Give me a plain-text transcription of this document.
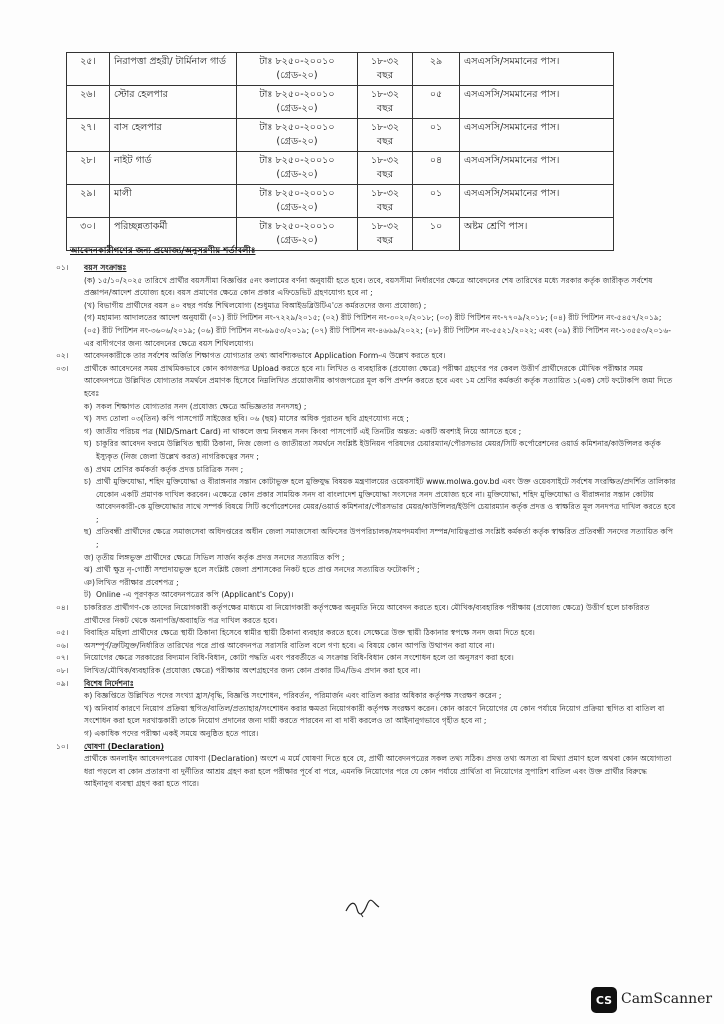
২৫।	নিরাপত্তা প্রহরী/ টার্মিনাল গার্ড	টাঃ ৮২৫০-২০০১০ (গ্রেড-২০)	১৮-৩২ বছর	২৯	এসএসসি/সমমানের পাস।
২৬।	স্টোর হেলপার	টাঃ ৮২৫০-২০০১০ (গ্রেড-২০)	১৮-৩২ বছর	০৫	এসএসসি/সমমানের পাস।
২৭।	বাস হেলপার	টাঃ ৮২৫০-২০০১০ (গ্রেড-২০)	১৮-৩২ বছর	০১	এসএসসি/সমমানের পাস।
২৮।	নাইট গার্ড	টাঃ ৮২৫০-২০০১০ (গ্রেড-২০)	১৮-৩২ বছর	০৪	এসএসসি/সমমানের পাস।
২৯।	মালী	টাঃ ৮২৫০-২০০১০ (গ্রেড-২০)	১৮-৩২ বছর	০১	এসএসসি/সমমানের পাস।
৩০।	পরিচ্ছন্নতাকর্মী	টাঃ ৮২৫০-২০০১০ (গ্রেড-২০)	১৮-৩২ বছর	১০	অষ্টম শ্রেণি পাস।
আবেদনকারীগণের জন্য প্রযোজ্য/অনুসরণীয় শর্তাবলীঃ
০১।	বয়স সংক্রান্তঃ
(ক) ১৫/১০/২০২৫ তারিখে প্রার্থীর বয়সসীমা বিজ্ঞপ্তির ৫নং কলামের বর্ণনা অনুযায়ী হতে হবে। তবে, বয়সসীমা নির্ধারণের ক্ষেত্রে আবেদনের শেষ তারিখের মধ্যে সরকার কর্তৃক জারীকৃত সর্বশেষ প্রজ্ঞাপন/আদেশ প্রযোজ্য হবে। বয়স প্রমাণের ক্ষেত্রে কোন প্রকার এফিডেভিট গ্রহণযোগ্য হবে না ;
(খ) বিভাগীয় প্রার্থীদের বয়স ৪০ বছর পর্যন্ত শিথিলযোগ্য (শুধুমাত্র বিআইডব্লিউটিএ'তে কর্মরতদের জন্য প্রযোজ্য) ;
(গ) মহামান্য আদালতের আদেশ অনুযায়ী (০১) রীট পিটিশন নং-৭২২৯/২০১৫; (০২) রীট পিটিশন নং-৩০২০/২০১৮; (০৩) রীট পিটিশন নং-৭৭০৯/২০১৮; (০৪) রীট পিটিশন নং-৫৪৫৭/২০১৯; (০৫) রীট পিটিশন নং-৩৬০৬/২০১৯; (০৬) রীট পিটিশন নং-৬৯৫৩/২০১৯; (০৭) রীট পিটিশন নং-৪৬৬৯/২০২২; (০৮) রীট পিটিশন নং-৫৫২১/২০২২; এবং (০৯) রীট পিটিশন নং-১৩৫৫৩/২০১৬-এর বাদীগণের জন্য আবেদনের ক্ষেত্রে বয়স শিথিলযোগ্য।
০২।	আবেদনকারীকে তার সর্বশেষ অর্জিত শিক্ষাগত যোগ্যতার তথ্য আবশ্যিকভাবে Application Form-এ উল্লেখ করতে হবে।
০৩।	প্রার্থীকে আবেদনের সময় প্রাথমিকভাবে কোন কাগজপত্র Upload করতে হবে না। লিখিত ও ব্যবহারিক (প্রযোজ্য ক্ষেত্রে) পরীক্ষা গ্রহণের পর কেবল উত্তীর্ণ প্রার্থীদেরকে মৌখিক পরীক্ষার সময় আবেদনপত্রে উল্লিখিত যোগ্যতার সমর্থনে প্রমাণক হিসেবে নিম্নলিখিত প্রয়োজনীয় কাগজপত্রের মূল কপি প্রদর্শন করতে হবে এবং ১ম শ্রেণির কর্মকর্তা কর্তৃক সত্যায়িত ১(এক) সেট ফটোকপি জমা দিতে হবেঃ
ক) সকল শিক্ষাগত যোগ্যতার সনদ (প্রযোজ্য ক্ষেত্রে অভিজ্ঞতার সনদসহ) ;
খ) সদ্য তোলা ০৩(তিন) কপি পাসপোর্ট সাইজের ছবি। ০৬ (ছয়) মাসের অধিক পুরাতন ছবি গ্রহণযোগ্য নহে ;
গ) জাতীয় পরিচয় পত্র (NID/Smart Card) না থাকলে জন্ম নিবন্ধন সনদ কিংবা পাসপোর্ট এই তিনটির অন্তত: একটি অবশ্যই নিয়ে আসতে হবে ;
ঘ) চাকুরির আবেদন ফরমে উল্লিখিত স্থায়ী ঠিকানা, নিজ জেলা ও জাতীয়তা সমর্থনে সংশ্লিষ্ট ইউনিয়ন পরিষদের চেয়ারম্যান/পৌরসভার মেয়র/সিটি কর্পোরেশনের ওয়ার্ড কমিশনার/কাউন্সিলর কর্তৃক ইস্যুকৃত (নিজ জেলা উল্লেখ করত) নাগরিকত্বের সনদ ;
ঙ) প্রথম শ্রেণির কর্মকর্তা কর্তৃক প্রদত্ত চারিত্রিক সনদ ;
চ) প্রার্থী মুক্তিযোদ্ধা, শহিদ মুক্তিযোদ্ধা ও বীরাঙ্গনার সন্তান কোটাভুক্ত হলে মুক্তিযুদ্ধ বিষয়ক মন্ত্রণালয়ের ওয়েবসাইট www.molwa.gov.bd এবং উক্ত ওয়েবসাইটে সর্বশেষ সংরক্ষিত/প্রদর্শিত তালিকার যেকোন একটি প্রমাণক দাখিল করবেন। এক্ষেত্রে কোন প্রকার সাময়িক সনদ বা বাংলাদেশ মুক্তিযোদ্ধা সংসদের সনদ প্রযোজ্য হবে না। মুক্তিযোদ্ধা, শহিদ মুক্তিযোদ্ধা ও বীরাঙ্গনার সন্তান কোটায় আবেদনকারী-কে মুক্তিযোদ্ধার সাথে সম্পর্ক বিষয়ে সিটি কর্পোরেশনের মেয়র/ওয়ার্ড কমিশনার/পৌরসভার মেয়র/কাউন্সিলর/ইউপি চেয়ারম্যান কর্তৃক প্রদত্ত ও স্বাক্ষরিত মূল সনদপত্র দাখিল করতে হবে ;
ছ) প্রতিবন্ধী প্রার্থীদের ক্ষেত্রে সমাজসেবা অধিদপ্তরের অধীন জেলা সমাজসেবা অফিসের উপপরিচালক/সমপদমর্যাদা সম্পন্ন/দায়িত্বপ্রাপ্ত সংশ্লিষ্ট কর্মকর্তা কর্তৃক স্বাক্ষরিত প্রতিবন্ধী সনদের সত্যায়িত কপি ;
জ) তৃতীয় লিঙ্গভুক্ত প্রার্থীদের ক্ষেত্রে সিভিল সার্জন কর্তৃক প্রদত্ত সনদের সত্যায়িত কপি ;
ঝ) প্রার্থী ক্ষুদ্র নৃ-গোষ্ঠী সম্প্রদায়ভুক্ত হলে সংশ্লিষ্ট জেলা প্রশাসকের নিকট হতে প্রাপ্ত সনদের সত্যায়িত ফটোকপি ;
ঞ) লিখিত পরীক্ষার প্রবেশপত্র ;
ট) Online -এ পূরণকৃত আবেদনপত্রের কপি (Applicant's Copy)।
০৪।	চাকরিরত প্রার্থীগণ-কে তাদের নিয়োগকারী কর্তৃপক্ষের মাধ্যমে বা নিয়োগকারী কর্তৃপক্ষের অনুমতি নিয়ে আবেদন করতে হবে। মৌখিক/ব্যবহারিক পরীক্ষায় (প্রযোজ্য ক্ষেত্রে) উত্তীর্ণ হলে চাকরিরত প্রার্থীদের নিকট থেকে অনাপত্তি/অব্যাহতি পত্র দাখিল করতে হবে।
০৫।	বিবাহিত মহিলা প্রার্থীদের ক্ষেত্রে স্থায়ী ঠিকানা হিসেবে স্বামীর স্থায়ী ঠিকানা ব্যবহার করতে হবে। সেক্ষেত্রে উক্ত স্থায়ী ঠিকানার স্বপক্ষে সনদ জমা দিতে হবে।
০৬।	অসম্পূর্ণ/ত্রুটিযুক্ত/নির্ধারিত তারিখের পরে প্রাপ্ত আবেদনপত্র সরাসরি বাতিল বলে গণ্য হবে। এ বিষয়ে কোন আপত্তি উত্থাপন করা যাবে না।
০৭।	নিয়োগের ক্ষেত্রে সরকারের বিদ্যমান বিধি-বিধান, কোটা পদ্ধতি এবং পরবর্তীতে এ সংক্রান্ত বিধি-বিধান কোন সংশোধন হলে তা অনুসরণ করা হবে।
০৮।	লিখিত/মৌখিক/ব্যবহারিক (প্রযোজ্য ক্ষেত্রে) পরীক্ষায় অংশগ্রহণের জন্য কোন প্রকার টিএ/ডিএ প্রদান করা হবে না।
০৯।	বিশেষ নির্দেশনাঃ
ক) বিজ্ঞপ্তিতে উল্লিখিত পদের সংখ্যা হ্রাস/বৃদ্ধি, বিজ্ঞপ্তি সংশোধন, পরিবর্তন, পরিমার্জন এবং বাতিল করার অধিকার কর্তৃপক্ষ সংরক্ষণ করেন ;
খ) অনিবার্য কারণে নিয়োগ প্রক্রিয়া স্থগিত/বাতিল/প্রত্যাহার/সংশোধন করার ক্ষমতা নিয়োগকারী কর্তৃপক্ষ সংরক্ষণ করেন। কোন কারণে নিয়োগের যে কোন পর্যায়ে নিয়োগ প্রক্রিয়া স্থগিত বা বাতিল বা সংশোধন করা হলে দরখাস্তকারী তাকে নিয়োগ প্রদানের জন্য দায়ী করতে পারবেন না বা দাবী করলেও তা আইনানুগভাবে গৃহীত হবে না ;
গ) একাধিক পদের পরীক্ষা একই সময়ে অনুষ্ঠিত হতে পারে।
১০।	ঘোষণা (Declaration)
প্রার্থীকে অনলাইন আবেদনপত্রের ঘোষণা (Declaration) অংশে এ মর্মে ঘোষণা দিতে হবে যে, প্রার্থী আবেদনপত্রের সকল তথ্য সঠিক। প্রদত্ত তথ্য অসত্য বা মিথ্যা প্রমাণ হলে অথবা কোন অযোগ্যতা ধরা পড়লে বা কোন প্রতারণা বা দুর্নীতির আশ্রয় গ্রহণ করা হলে পরীক্ষার পূর্বে বা পরে, এমনকি নিয়োগের পরে যে কোন পর্যায়ে প্রার্থিতা বা নিয়োগের সুপারিশ বাতিল এবং উক্ত প্রার্থীর বিরুদ্ধে আইনানুগ ব্যবস্থা গ্রহণ করা হতে পারে।
CS CamScanner
